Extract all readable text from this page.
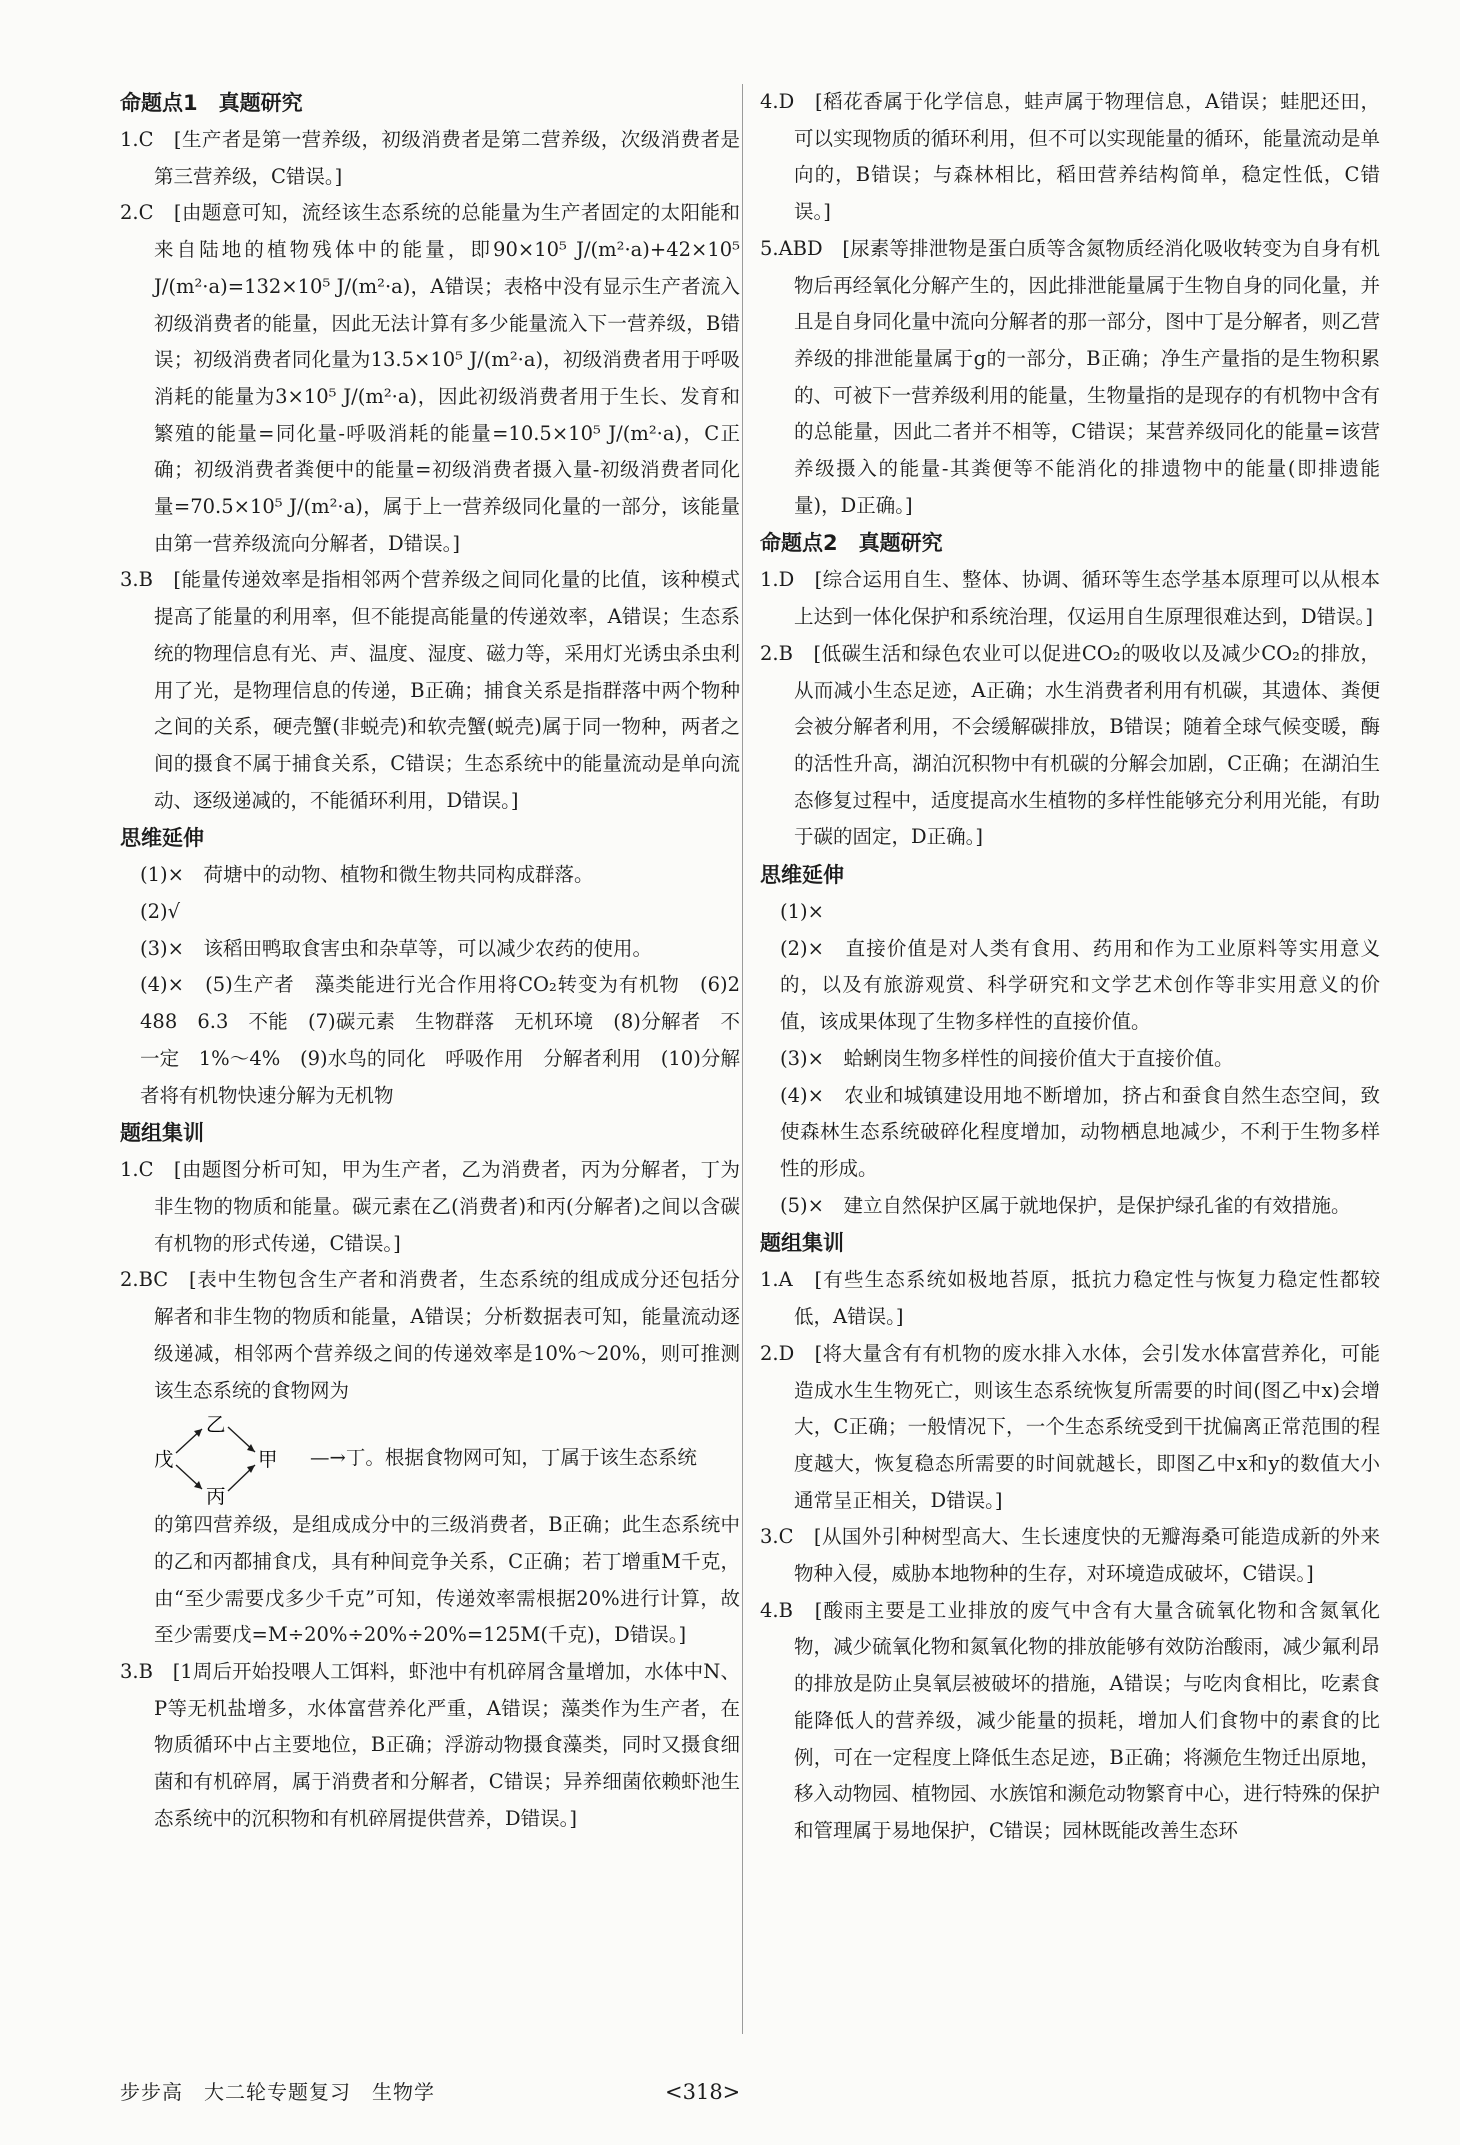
命题点1　真题研究

1.C　[生产者是第一营养级，初级消费者是第二营养级，次级消费者是第三营养级，C错误。]

2.C　[由题意可知，流经该生态系统的总能量为生产者固定的太阳能和来自陆地的植物残体中的能量，即90×10⁵ J/(m²·a)+42×10⁵ J/(m²·a)=132×10⁵ J/(m²·a)，A错误；表格中没有显示生产者流入初级消费者的能量，因此无法计算有多少能量流入下一营养级，B错误；初级消费者同化量为13.5×10⁵ J/(m²·a)，初级消费者用于呼吸消耗的能量为3×10⁵ J/(m²·a)，因此初级消费者用于生长、发育和繁殖的能量=同化量-呼吸消耗的能量=10.5×10⁵ J/(m²·a)，C正确；初级消费者粪便中的能量=初级消费者摄入量-初级消费者同化量=70.5×10⁵ J/(m²·a)，属于上一营养级同化量的一部分，该能量由第一营养级流向分解者，D错误。]

3.B　[能量传递效率是指相邻两个营养级之间同化量的比值，该种模式提高了能量的利用率，但不能提高能量的传递效率，A错误；生态系统的物理信息有光、声、温度、湿度、磁力等，采用灯光诱虫杀虫利用了光，是物理信息的传递，B正确；捕食关系是指群落中两个物种之间的关系，硬壳蟹(非蜕壳)和软壳蟹(蜕壳)属于同一物种，两者之间的摄食不属于捕食关系，C错误；生态系统中的能量流动是单向流动、逐级递减的，不能循环利用，D错误。]

思维延伸

(1)×　荷塘中的动物、植物和微生物共同构成群落。

(2)√

(3)×　该稻田鸭取食害虫和杂草等，可以减少农药的使用。

(4)×　(5)生产者　藻类能进行光合作用将CO₂转变为有机物　(6)2 488　6.3　不能　(7)碳元素　生物群落　无机环境　(8)分解者　不一定　1%～4%　(9)水鸟的同化　呼吸作用　分解者利用　(10)分解者将有机物快速分解为无机物

题组集训

1.C　[由题图分析可知，甲为生产者，乙为消费者，丙为分解者，丁为非生物的物质和能量。碳元素在乙(消费者)和丙(分解者)之间以含碳有机物的形式传递，C错误。]

2.BC　[表中生物包含生产者和消费者，生态系统的组成成分还包括分解者和非生物的物质和能量，A错误；分析数据表可知，能量流动逐级递减，相邻两个营养级之间的传递效率是10%～20%，则可推测该生态系统的食物网为

戊
乙
丙
甲 —→丁。根据食物网可知，丁属于该生态系统

的第四营养级，是组成成分中的三级消费者，B正确；此生态系统中的乙和丙都捕食戊，具有种间竞争关系，C正确；若丁增重M千克，由“至少需要戊多少千克”可知，传递效率需根据20%进行计算，故至少需要戊=M÷20%÷20%÷20%=125M(千克)，D错误。]

3.B　[1周后开始投喂人工饵料，虾池中有机碎屑含量增加，水体中N、P等无机盐增多，水体富营养化严重，A错误；藻类作为生产者，在物质循环中占主要地位，B正确；浮游动物摄食藻类，同时又摄食细菌和有机碎屑，属于消费者和分解者，C错误；异养细菌依赖虾池生态系统中的沉积物和有机碎屑提供营养，D错误。]

4.D　[稻花香属于化学信息，蛙声属于物理信息，A错误；蛙肥还田，可以实现物质的循环利用，但不可以实现能量的循环，能量流动是单向的，B错误；与森林相比，稻田营养结构简单，稳定性低，C错误。]

5.ABD　[尿素等排泄物是蛋白质等含氮物质经消化吸收转变为自身有机物后再经氧化分解产生的，因此排泄能量属于生物自身的同化量，并且是自身同化量中流向分解者的那一部分，图中丁是分解者，则乙营养级的排泄能量属于g的一部分，B正确；净生产量指的是生物积累的、可被下一营养级利用的能量，生物量指的是现存的有机物中含有的总能量，因此二者并不相等，C错误；某营养级同化的能量=该营养级摄入的能量-其粪便等不能消化的排遗物中的能量(即排遗能量)，D正确。]

命题点2　真题研究

1.D　[综合运用自生、整体、协调、循环等生态学基本原理可以从根本上达到一体化保护和系统治理，仅运用自生原理很难达到，D错误。]

2.B　[低碳生活和绿色农业可以促进CO₂的吸收以及减少CO₂的排放，从而减小生态足迹，A正确；水生消费者利用有机碳，其遗体、粪便会被分解者利用，不会缓解碳排放，B错误；随着全球气候变暖，酶的活性升高，湖泊沉积物中有机碳的分解会加剧，C正确；在湖泊生态修复过程中，适度提高水生植物的多样性能够充分利用光能，有助于碳的固定，D正确。]

思维延伸

(1)×

(2)×　直接价值是对人类有食用、药用和作为工业原料等实用意义的，以及有旅游观赏、科学研究和文学艺术创作等非实用意义的价值，该成果体现了生物多样性的直接价值。

(3)×　蛤蜊岗生物多样性的间接价值大于直接价值。

(4)×　农业和城镇建设用地不断增加，挤占和蚕食自然生态空间，致使森林生态系统破碎化程度增加，动物栖息地减少，不利于生物多样性的形成。

(5)×　建立自然保护区属于就地保护，是保护绿孔雀的有效措施。

题组集训

1.A　[有些生态系统如极地苔原，抵抗力稳定性与恢复力稳定性都较低，A错误。]

2.D　[将大量含有有机物的废水排入水体，会引发水体富营养化，可能造成水生生物死亡，则该生态系统恢复所需要的时间(图乙中x)会增大，C正确；一般情况下，一个生态系统受到干扰偏离正常范围的程度越大，恢复稳态所需要的时间就越长，即图乙中x和y的数值大小通常呈正相关，D错误。]

3.C　[从国外引种树型高大、生长速度快的无瓣海桑可能造成新的外来物种入侵，威胁本地物种的生存，对环境造成破坏，C错误。]

4.B　[酸雨主要是工业排放的废气中含有大量含硫氧化物和含氮氧化物，减少硫氧化物和氮氧化物的排放能够有效防治酸雨，减少氟利昂的排放是防止臭氧层被破坏的措施，A错误；与吃肉食相比，吃素食能降低人的营养级，减少能量的损耗，增加人们食物中的素食的比例，可在一定程度上降低生态足迹，B正确；将濒危生物迁出原地，移入动物园、植物园、水族馆和濒危动物繁育中心，进行特殊的保护和管理属于易地保护，C错误；园林既能改善生态环

步步高　大二轮专题复习　生物学	<318>
